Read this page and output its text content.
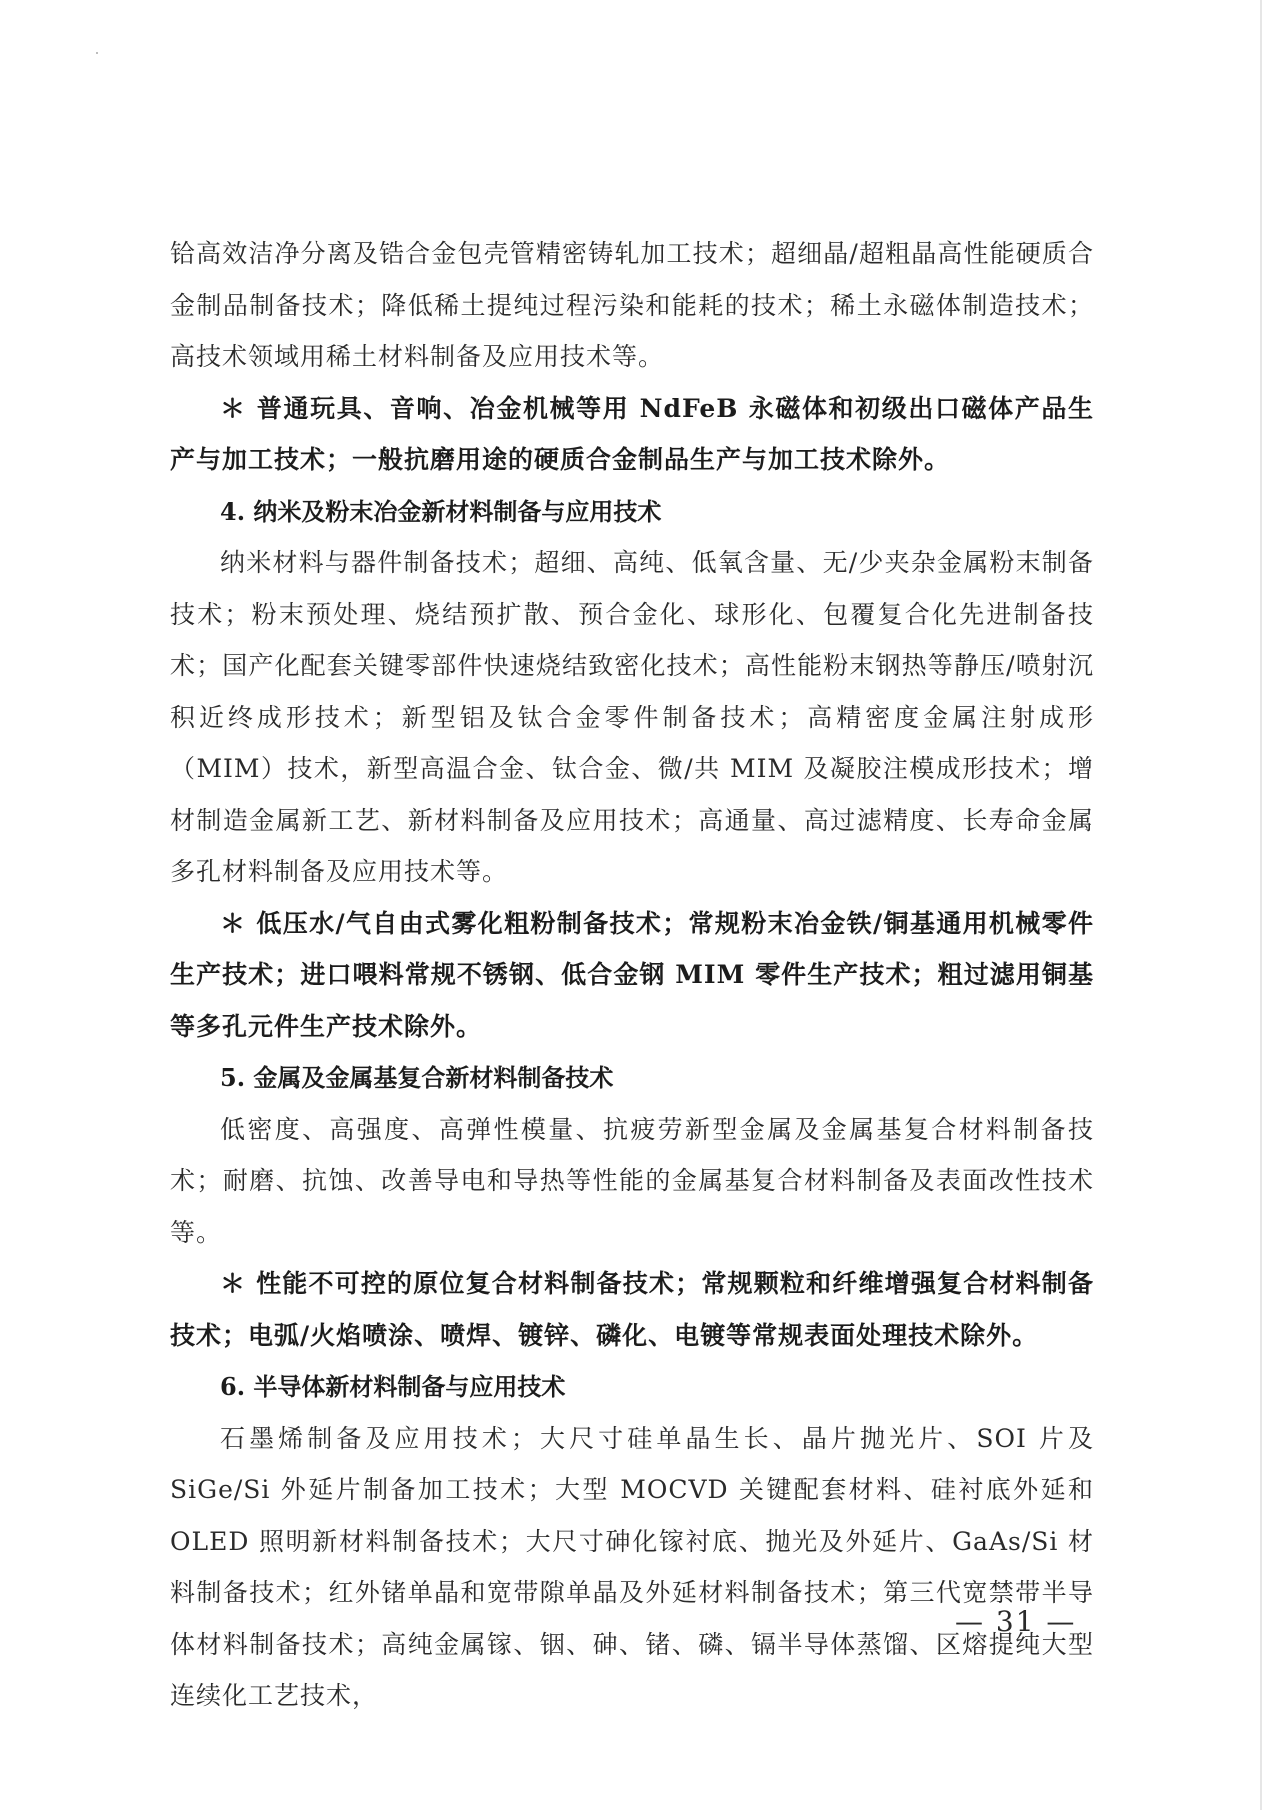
铪高效洁净分离及锆合金包壳管精密铸轧加工技术；超细晶/超粗晶高性能硬质合金制品制备技术；降低稀土提纯过程污染和能耗的技术；稀土永磁体制造技术；高技术领域用稀土材料制备及应用技术等。

＊ 普通玩具、音响、冶金机械等用 NdFeB 永磁体和初级出口磁体产品生产与加工技术；一般抗磨用途的硬质合金制品生产与加工技术除外。

4. 纳米及粉末冶金新材料制备与应用技术

纳米材料与器件制备技术；超细、高纯、低氧含量、无/少夹杂金属粉末制备技术；粉末预处理、烧结预扩散、预合金化、球形化、包覆复合化先进制备技术；国产化配套关键零部件快速烧结致密化技术；高性能粉末钢热等静压/喷射沉积近终成形技术；新型铝及钛合金零件制备技术；高精密度金属注射成形（MIM）技术，新型高温合金、钛合金、微/共 MIM 及凝胶注模成形技术；增材制造金属新工艺、新材料制备及应用技术；高通量、高过滤精度、长寿命金属多孔材料制备及应用技术等。

＊ 低压水/气自由式雾化粗粉制备技术；常规粉末冶金铁/铜基通用机械零件生产技术；进口喂料常规不锈钢、低合金钢 MIM 零件生产技术；粗过滤用铜基等多孔元件生产技术除外。

5. 金属及金属基复合新材料制备技术

低密度、高强度、高弹性模量、抗疲劳新型金属及金属基复合材料制备技术；耐磨、抗蚀、改善导电和导热等性能的金属基复合材料制备及表面改性技术等。

＊ 性能不可控的原位复合材料制备技术；常规颗粒和纤维增强复合材料制备技术；电弧/火焰喷涂、喷焊、镀锌、磷化、电镀等常规表面处理技术除外。

6. 半导体新材料制备与应用技术

石墨烯制备及应用技术；大尺寸硅单晶生长、晶片抛光片、SOI 片及 SiGe/Si 外延片制备加工技术；大型 MOCVD 关键配套材料、硅衬底外延和 OLED 照明新材料制备技术；大尺寸砷化镓衬底、抛光及外延片、GaAs/Si 材料制备技术；红外锗单晶和宽带隙单晶及外延材料制备技术；第三代宽禁带半导体材料制备技术；高纯金属镓、铟、砷、锗、磷、镉半导体蒸馏、区熔提纯大型连续化工艺技术，

— 31 —
